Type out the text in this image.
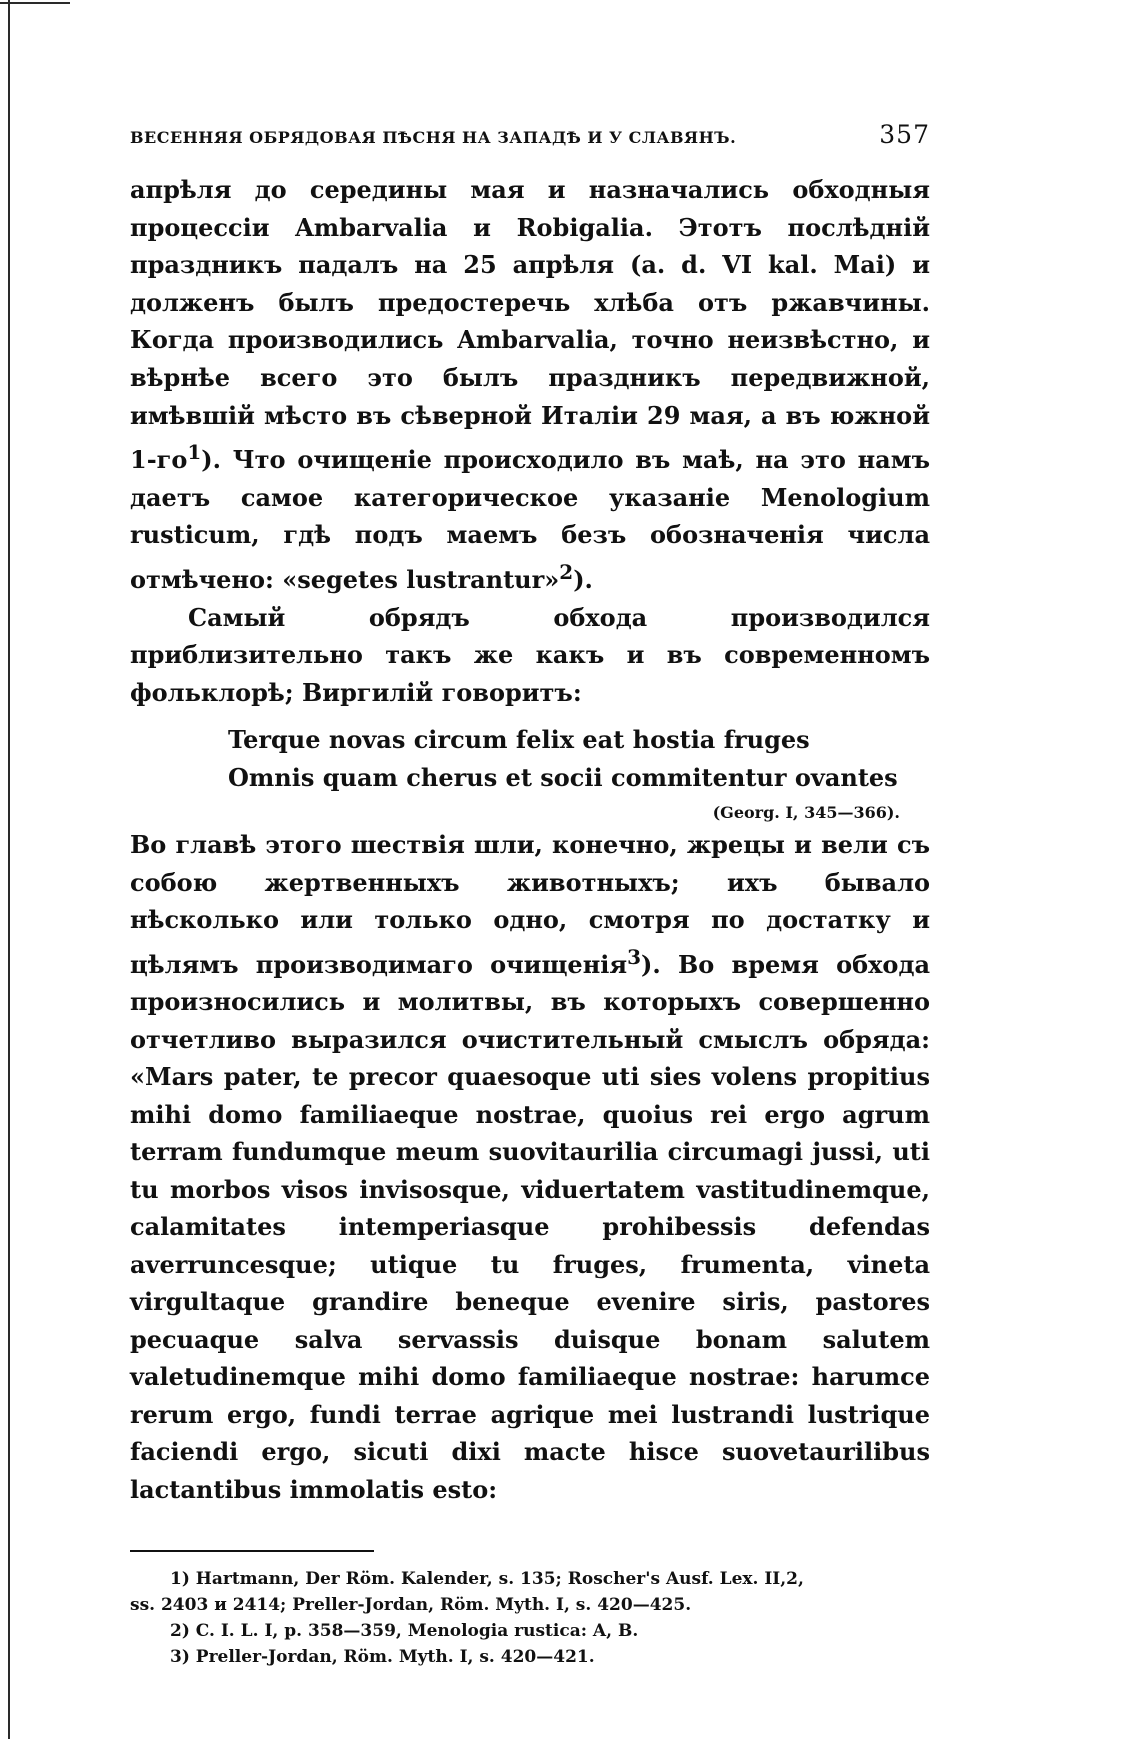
ВЕСЕННЯЯ ОБРЯДОВАЯ ПѢСНЯ НА ЗАПАДѢ И У СЛАВЯНЪ.	357

апрѣля до середины мая и назначались обходныя процессіи Ambarvalia и Robigalia. Этотъ послѣдній праздникъ падалъ на 25 апрѣля (a. d. VI kal. Mai) и долженъ былъ предостеречь хлѣба отъ ржавчины. Когда производились Ambarvalia, точно неизвѣстно, и вѣрнѣе всего это былъ праздникъ передвижной, имѣвшій мѣсто въ сѣверной Италіи 29 мая, а въ южной $1-го^1$). Что очищеніе происходило въ маѣ, на это намъ даетъ самое категорическое указаніе Menologium rusticum, гдѣ подъ маемъ безъ обозначенія числа отмѣчено: «segetes lustrantur»$^2$).

Самый обрядъ обхода производился приблизительно такъ же какъ и въ современномъ фольклорѣ; Виргилій говоритъ:

Terque novas circum felix eat hostia fruges
Omnis quam cherus et socii commitentur ovantes
(Georg. I, 345—366).

Во главѣ этого шествія шли, конечно, жрецы и вели съ собою жертвенныхъ животныхъ; ихъ бывало нѣсколько или только одно, смотря по достатку и цѣлямъ производимаго очищенія$^3$). Во время обхода произносились и молитвы, въ которыхъ совершенно отчетливо выразился очистительный смыслъ обряда: «Mars pater, te precor quaesoque uti sies volens propitius mihi domo familiaeque nostrae, quoius rei ergo agrum terram fundumque meum suovitaurilia circumagi jussi, uti tu morbos visos invisosque, viduertatem vastitudinemque, calamitates intemperiasque prohibessis defendas averruncesque; utique tu fruges, frumenta, vineta virgultaque grandire beneque evenire siris, pastores pecuaque salva servassis duisque bonam salutem valetudinemque mihi domo familiaeque nostrae: harumce rerum ergo, fundi terrae agrique mei lustrandi lustrique faciendi ergo, sicuti dixi macte hisce suovetaurilibus lactantibus immolatis esto:

1) Hartmann, Der Röm. Kalender, s. 135; Roscher's Ausf. Lex. II,2,
ss. 2403 и 2414; Preller-Jordan, Röm. Myth. I, s. 420—425.
2) C. I. L. I, p. 358—359, Menologia rustica: A, B.
3) Preller-Jordan, Röm. Myth. I, s. 420—421.
